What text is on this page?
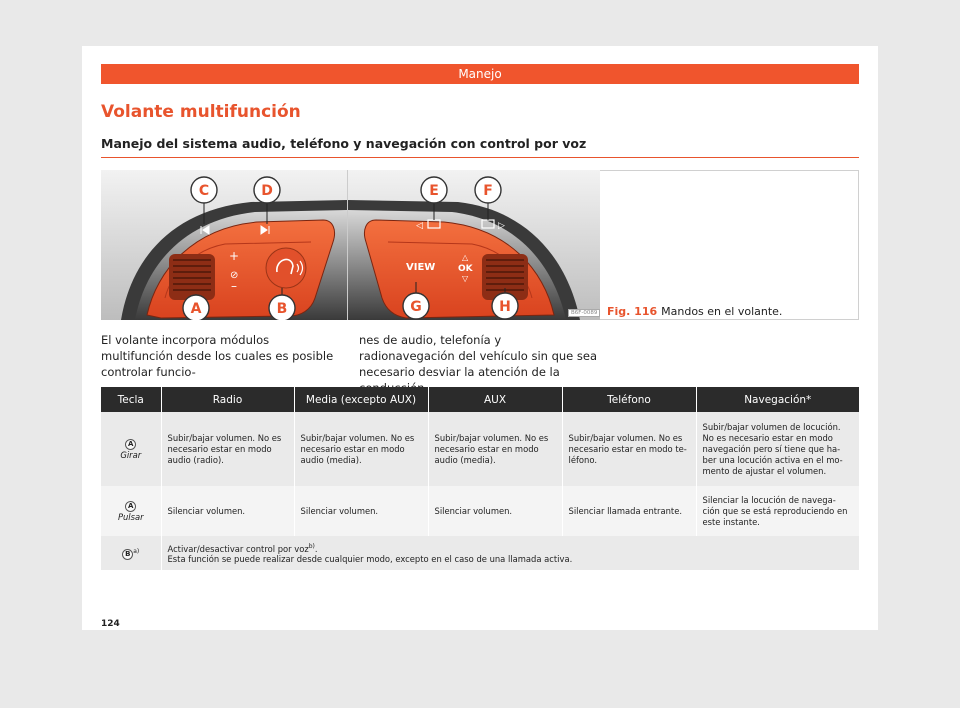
Manejo
Volante multifunción
Manejo del sistema audio, teléfono y navegación con control por voz
+
⊘
–
C	D
A	B
VIEW
△
OK
▽
◁	▷
E	F
G	H	B6F-0089 Fig. 116 Mandos en el volante.
El volante incorpora módulos multifunción desde los cuales es posible controlar funcio-
nes de audio, telefonía y radionavegación del vehículo sin que sea necesario desviar la atención de la
Tecla	Radio	Media (excepto AUX)	AUX	Teléfono	Navegación*
A
Girar	Subir/bajar volumen. No es necesario estar en modo audio (radio).	Subir/bajar volumen. No es necesario estar en modo audio (media).	Subir/bajar volumen. No es necesario estar en modo audio (media).	Subir/bajar volumen. No es necesario estar en modo te- léfono.	Subir/bajar volumen de locución. No es necesario estar en modo navegación pero sí tiene que ha- ber una locución activa en el mo- mento de ajustar el volumen.
A
Pulsar	Silenciar volumen.	Silenciar volumen.	Silenciar volumen.	Silenciar llamada entrante.	Silenciar la locución de navega- ción que se está reproduciendo en este instante.
B $^{a)}$	Activar/desactivar control por voz$^{b)}$.
Esta función se puede realizar desde cualquier modo, excepto en el caso de una llamada activa.				
124
